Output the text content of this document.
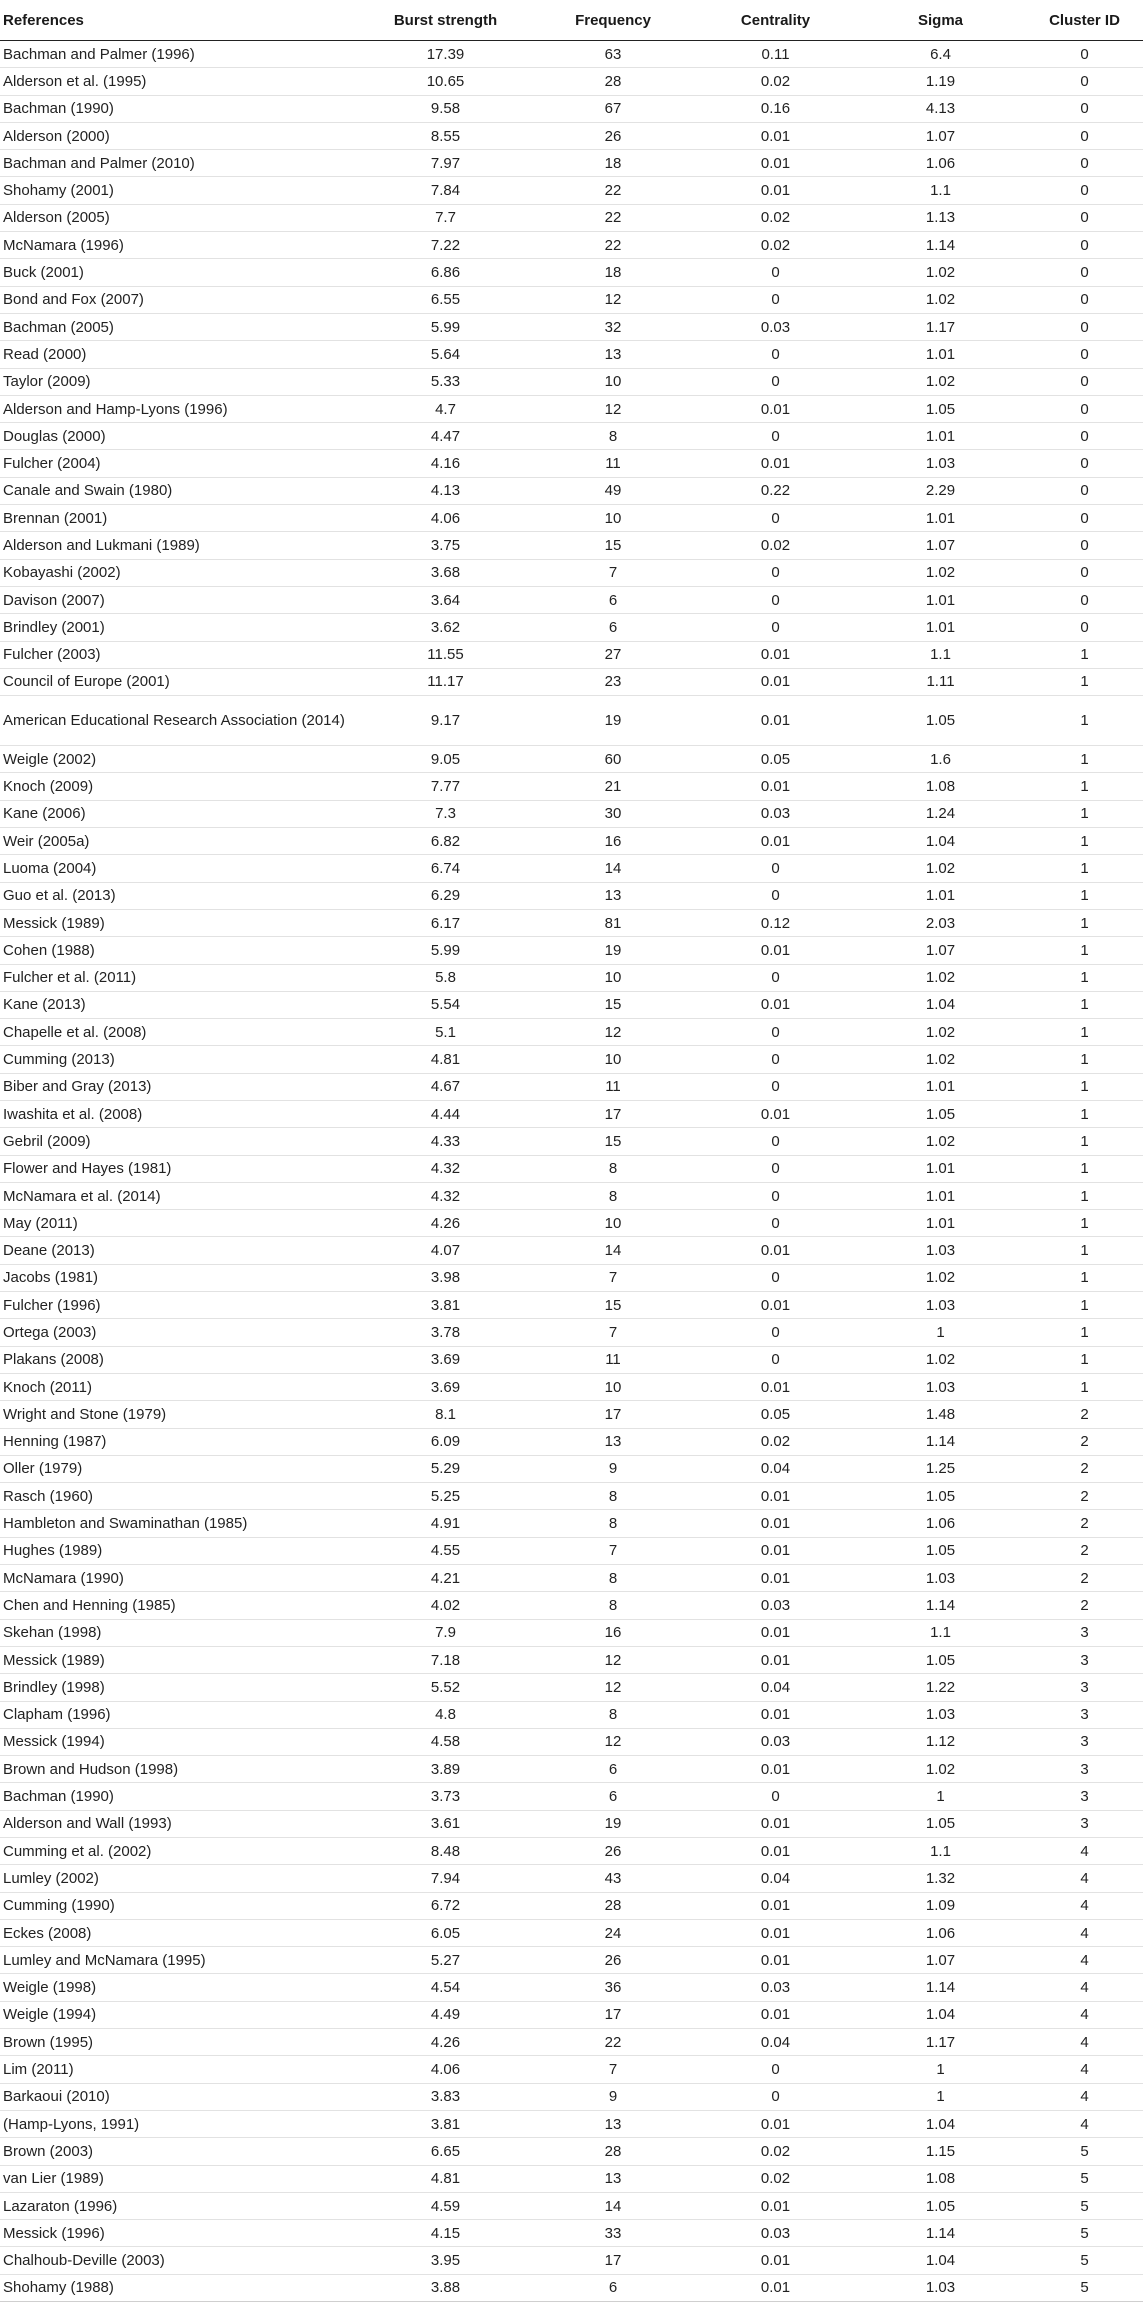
References	Burst strength	Frequency	Centrality	Sigma	Cluster ID
Bachman and Palmer (1996)	17.39	63	0.11	6.4	0
Alderson et al. (1995)	10.65	28	0.02	1.19	0
Bachman (1990)	9.58	67	0.16	4.13	0
Alderson (2000)	8.55	26	0.01	1.07	0
Bachman and Palmer (2010)	7.97	18	0.01	1.06	0
Shohamy (2001)	7.84	22	0.01	1.1	0
Alderson (2005)	7.7	22	0.02	1.13	0
McNamara (1996)	7.22	22	0.02	1.14	0
Buck (2001)	6.86	18	0	1.02	0
Bond and Fox (2007)	6.55	12	0	1.02	0
Bachman (2005)	5.99	32	0.03	1.17	0
Read (2000)	5.64	13	0	1.01	0
Taylor (2009)	5.33	10	0	1.02	0
Alderson and Hamp-Lyons (1996)	4.7	12	0.01	1.05	0
Douglas (2000)	4.47	8	0	1.01	0
Fulcher (2004)	4.16	11	0.01	1.03	0
Canale and Swain (1980)	4.13	49	0.22	2.29	0
Brennan (2001)	4.06	10	0	1.01	0
Alderson and Lukmani (1989)	3.75	15	0.02	1.07	0
Kobayashi (2002)	3.68	7	0	1.02	0
Davison (2007)	3.64	6	0	1.01	0
Brindley (2001)	3.62	6	0	1.01	0
Fulcher (2003)	11.55	27	0.01	1.1	1
Council of Europe (2001)	11.17	23	0.01	1.11	1
American Educational Research Association (2014)	9.17	19	0.01	1.05	1
Weigle (2002)	9.05	60	0.05	1.6	1
Knoch (2009)	7.77	21	0.01	1.08	1
Kane (2006)	7.3	30	0.03	1.24	1
Weir (2005a)	6.82	16	0.01	1.04	1
Luoma (2004)	6.74	14	0	1.02	1
Guo et al. (2013)	6.29	13	0	1.01	1
Messick (1989)	6.17	81	0.12	2.03	1
Cohen (1988)	5.99	19	0.01	1.07	1
Fulcher et al. (2011)	5.8	10	0	1.02	1
Kane (2013)	5.54	15	0.01	1.04	1
Chapelle et al. (2008)	5.1	12	0	1.02	1
Cumming (2013)	4.81	10	0	1.02	1
Biber and Gray (2013)	4.67	11	0	1.01	1
Iwashita et al. (2008)	4.44	17	0.01	1.05	1
Gebril (2009)	4.33	15	0	1.02	1
Flower and Hayes (1981)	4.32	8	0	1.01	1
McNamara et al. (2014)	4.32	8	0	1.01	1
May (2011)	4.26	10	0	1.01	1
Deane (2013)	4.07	14	0.01	1.03	1
Jacobs (1981)	3.98	7	0	1.02	1
Fulcher (1996)	3.81	15	0.01	1.03	1
Ortega (2003)	3.78	7	0	1	1
Plakans (2008)	3.69	11	0	1.02	1
Knoch (2011)	3.69	10	0.01	1.03	1
Wright and Stone (1979)	8.1	17	0.05	1.48	2
Henning (1987)	6.09	13	0.02	1.14	2
Oller (1979)	5.29	9	0.04	1.25	2
Rasch (1960)	5.25	8	0.01	1.05	2
Hambleton and Swaminathan (1985)	4.91	8	0.01	1.06	2
Hughes (1989)	4.55	7	0.01	1.05	2
McNamara (1990)	4.21	8	0.01	1.03	2
Chen and Henning (1985)	4.02	8	0.03	1.14	2
Skehan (1998)	7.9	16	0.01	1.1	3
Messick (1989)	7.18	12	0.01	1.05	3
Brindley (1998)	5.52	12	0.04	1.22	3
Clapham (1996)	4.8	8	0.01	1.03	3
Messick (1994)	4.58	12	0.03	1.12	3
Brown and Hudson (1998)	3.89	6	0.01	1.02	3
Bachman (1990)	3.73	6	0	1	3
Alderson and Wall (1993)	3.61	19	0.01	1.05	3
Cumming et al. (2002)	8.48	26	0.01	1.1	4
Lumley (2002)	7.94	43	0.04	1.32	4
Cumming (1990)	6.72	28	0.01	1.09	4
Eckes (2008)	6.05	24	0.01	1.06	4
Lumley and McNamara (1995)	5.27	26	0.01	1.07	4
Weigle (1998)	4.54	36	0.03	1.14	4
Weigle (1994)	4.49	17	0.01	1.04	4
Brown (1995)	4.26	22	0.04	1.17	4
Lim (2011)	4.06	7	0	1	4
Barkaoui (2010)	3.83	9	0	1	4
(Hamp-Lyons, 1991)	3.81	13	0.01	1.04	4
Brown (2003)	6.65	28	0.02	1.15	5
van Lier (1989)	4.81	13	0.02	1.08	5
Lazaraton (1996)	4.59	14	0.01	1.05	5
Messick (1996)	4.15	33	0.03	1.14	5
Chalhoub-Deville (2003)	3.95	17	0.01	1.04	5
Shohamy (1988)	3.88	6	0.01	1.03	5
